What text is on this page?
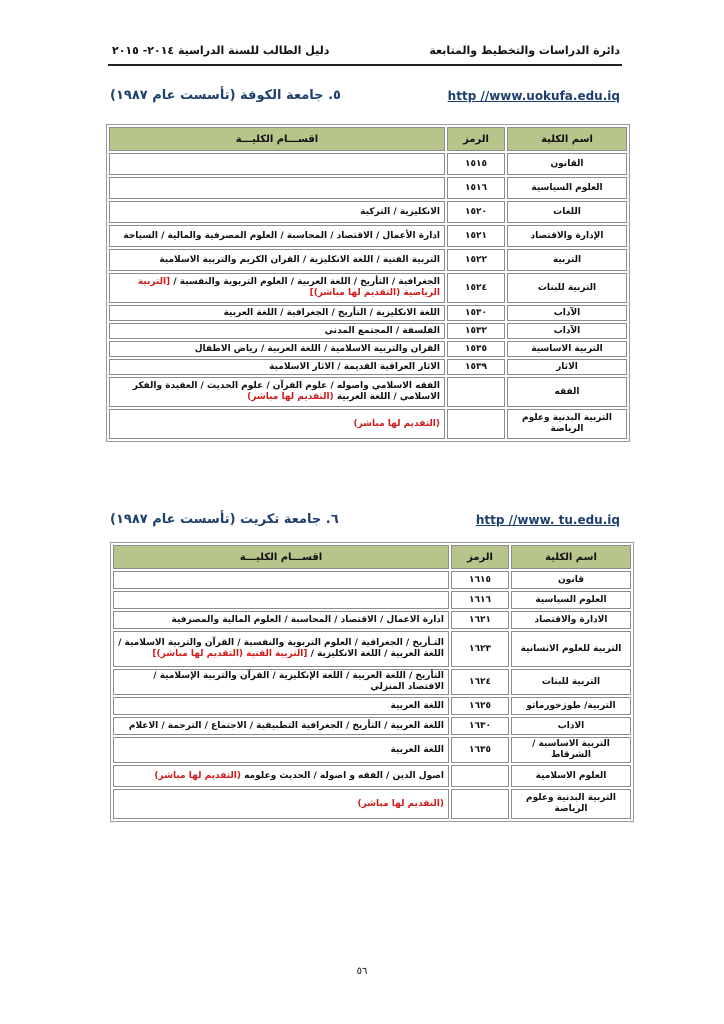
دائرة الدراسات والتخطيط والمتابعة
دليل الطالب للسنة الدراسية ٢٠١٤- ٢٠١٥
٥. جامعة الكوفة (تأسست عام ١٩٨٧)	http //www.uokufa.edu.iq
اسم الكلية	الرمز	اقســـام الكليـــة
القانون	١٥١٥	
العلوم السياسية	١٥١٦	
اللغات	١٥٢٠	الانكليزية / التركية
الإدارة والاقتصاد	١٥٢١	ادارة الأعمال / الاقتصاد / المحاسبة / العلوم المصرفية والمالية / السياحة
التربية	١٥٢٢	التربية الفنية / اللغة الانكليزية / القران الكريم والتربية الاسلامية
التربية للبنات	١٥٢٤	الجغرافية / التأريخ / اللغة العربية / العلوم التربوية والنفسية / [التربية الرياضية (التقديم لها مباشر)]
الآداب	١٥٣٠	اللغة الانكليزية / التأريخ / الجغرافية / اللغة العربية
الآداب	١٥٣٢	الفلسفة / المجتمع المدني
التربية الاساسية	١٥٣٥	القران والتربية الاسلامية / اللغة العربية / رياض الاطفال
الاثار	١٥٣٩	الاثار العراقية القديمة / الاثار الاسلامية
الفقه		الفقه الاسلامي واصوله / علوم القرآن / علوم الحديث / العقيدة والفكر الاسلامي / اللغة العربية (التقديم لها مباشر)
التربية البدنية وعلوم الرياضة		(التقديم لها مباشر)
٦. جامعة تكريت (تأسست عام ١٩٨٧)	http //www. tu.edu.iq
اسم الكلية	الرمز	اقســـام الكليـــة
قانون	١٦١٥	
العلوم السياسية	١٦١٦	
الادارة والاقتصاد	١٦٢١	ادارة الاعمال / الاقتصاد / المحاسبة / العلوم المالية والمصرفية
التربية للعلوم الانسانية	١٦٢٣	التـأريخ / الجغرافية / العلوم التربوية والنفسية / القرآن والتربية الاسلامية / اللغة العربية / اللغة الانكليزية / [التربية الفنية (التقديم لها مباشر)]
التربية للبنات	١٦٢٤	التأريخ / اللغة العربية / اللغة الإنكليزية / القرآن والتربية الإسلامية / الاقتصاد المنزلي
التربية/ طوزخورماتو	١٦٢٥	اللغة العربية
الاداب	١٦٣٠	اللغة العربية / التأريخ / الجغرافية التطبيقية / الاجتماع / الترجمة / الاعلام
التربية الاساسية / الشرقاط	١٦٣٥	اللغة العربية
العلوم الاسلامية		اصول الدين / الفقه و اصوله / الحديث وعلومه (التقديم لها مباشر)
التربية البدنية وعلوم الرياضة		(التقديم لها مباشر)
٥٦
